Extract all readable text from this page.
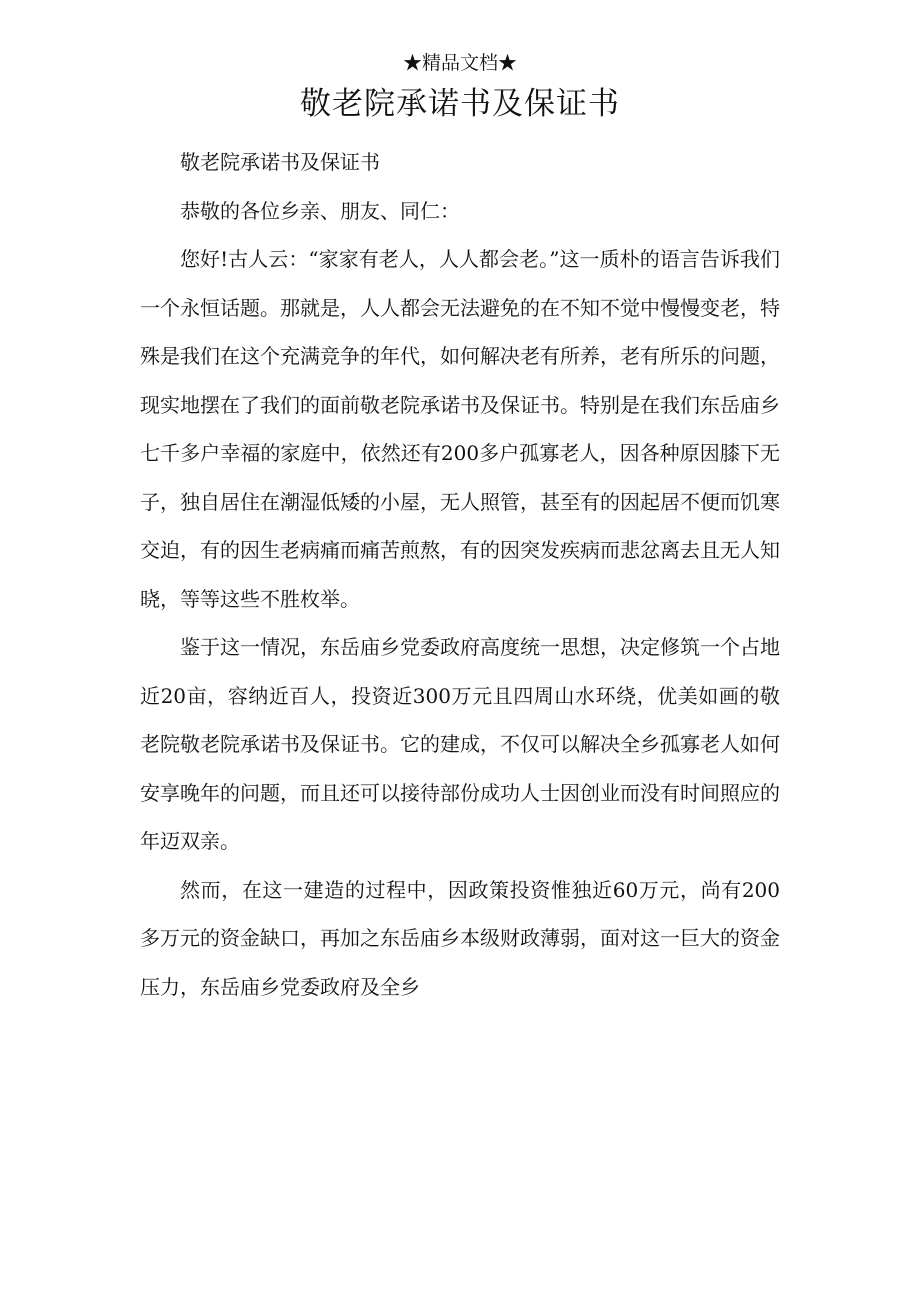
★精品文档★
敬老院承诺书及保证书

敬老院承诺书及保证书

恭敬的各位乡亲、朋友、同仁：

您好!古人云：“家家有老人，人人都会老。”这一质朴的语言告诉我们一个永恒话题。那就是，人人都会无法避免的在不知不觉中慢慢变老，特殊是我们在这个充满竞争的年代，如何解决老有所养，老有所乐的问题，现实地摆在了我们的面前敬老院承诺书及保证书。特别是在我们东岳庙乡七千多户幸福的家庭中，依然还有200多户孤寡老人，因各种原因膝下无子，独自居住在潮湿低矮的小屋，无人照管，甚至有的因起居不便而饥寒交迫，有的因生老病痛而痛苦煎熬，有的因突发疾病而悲忿离去且无人知晓，等等这些不胜枚举。

鉴于这一情况，东岳庙乡党委政府高度统一思想，决定修筑一个占地近20亩，容纳近百人，投资近300万元且四周山水环绕，优美如画的敬老院敬老院承诺书及保证书。它的建成，不仅可以解决全乡孤寡老人如何安享晚年的问题，而且还可以接待部份成功人士因创业而没有时间照应的年迈双亲。

然而，在这一建造的过程中，因政策投资惟独近60万元，尚有200多万元的资金缺口，再加之东岳庙乡本级财政薄弱，面对这一巨大的资金压力，东岳庙乡党委政府及全乡
